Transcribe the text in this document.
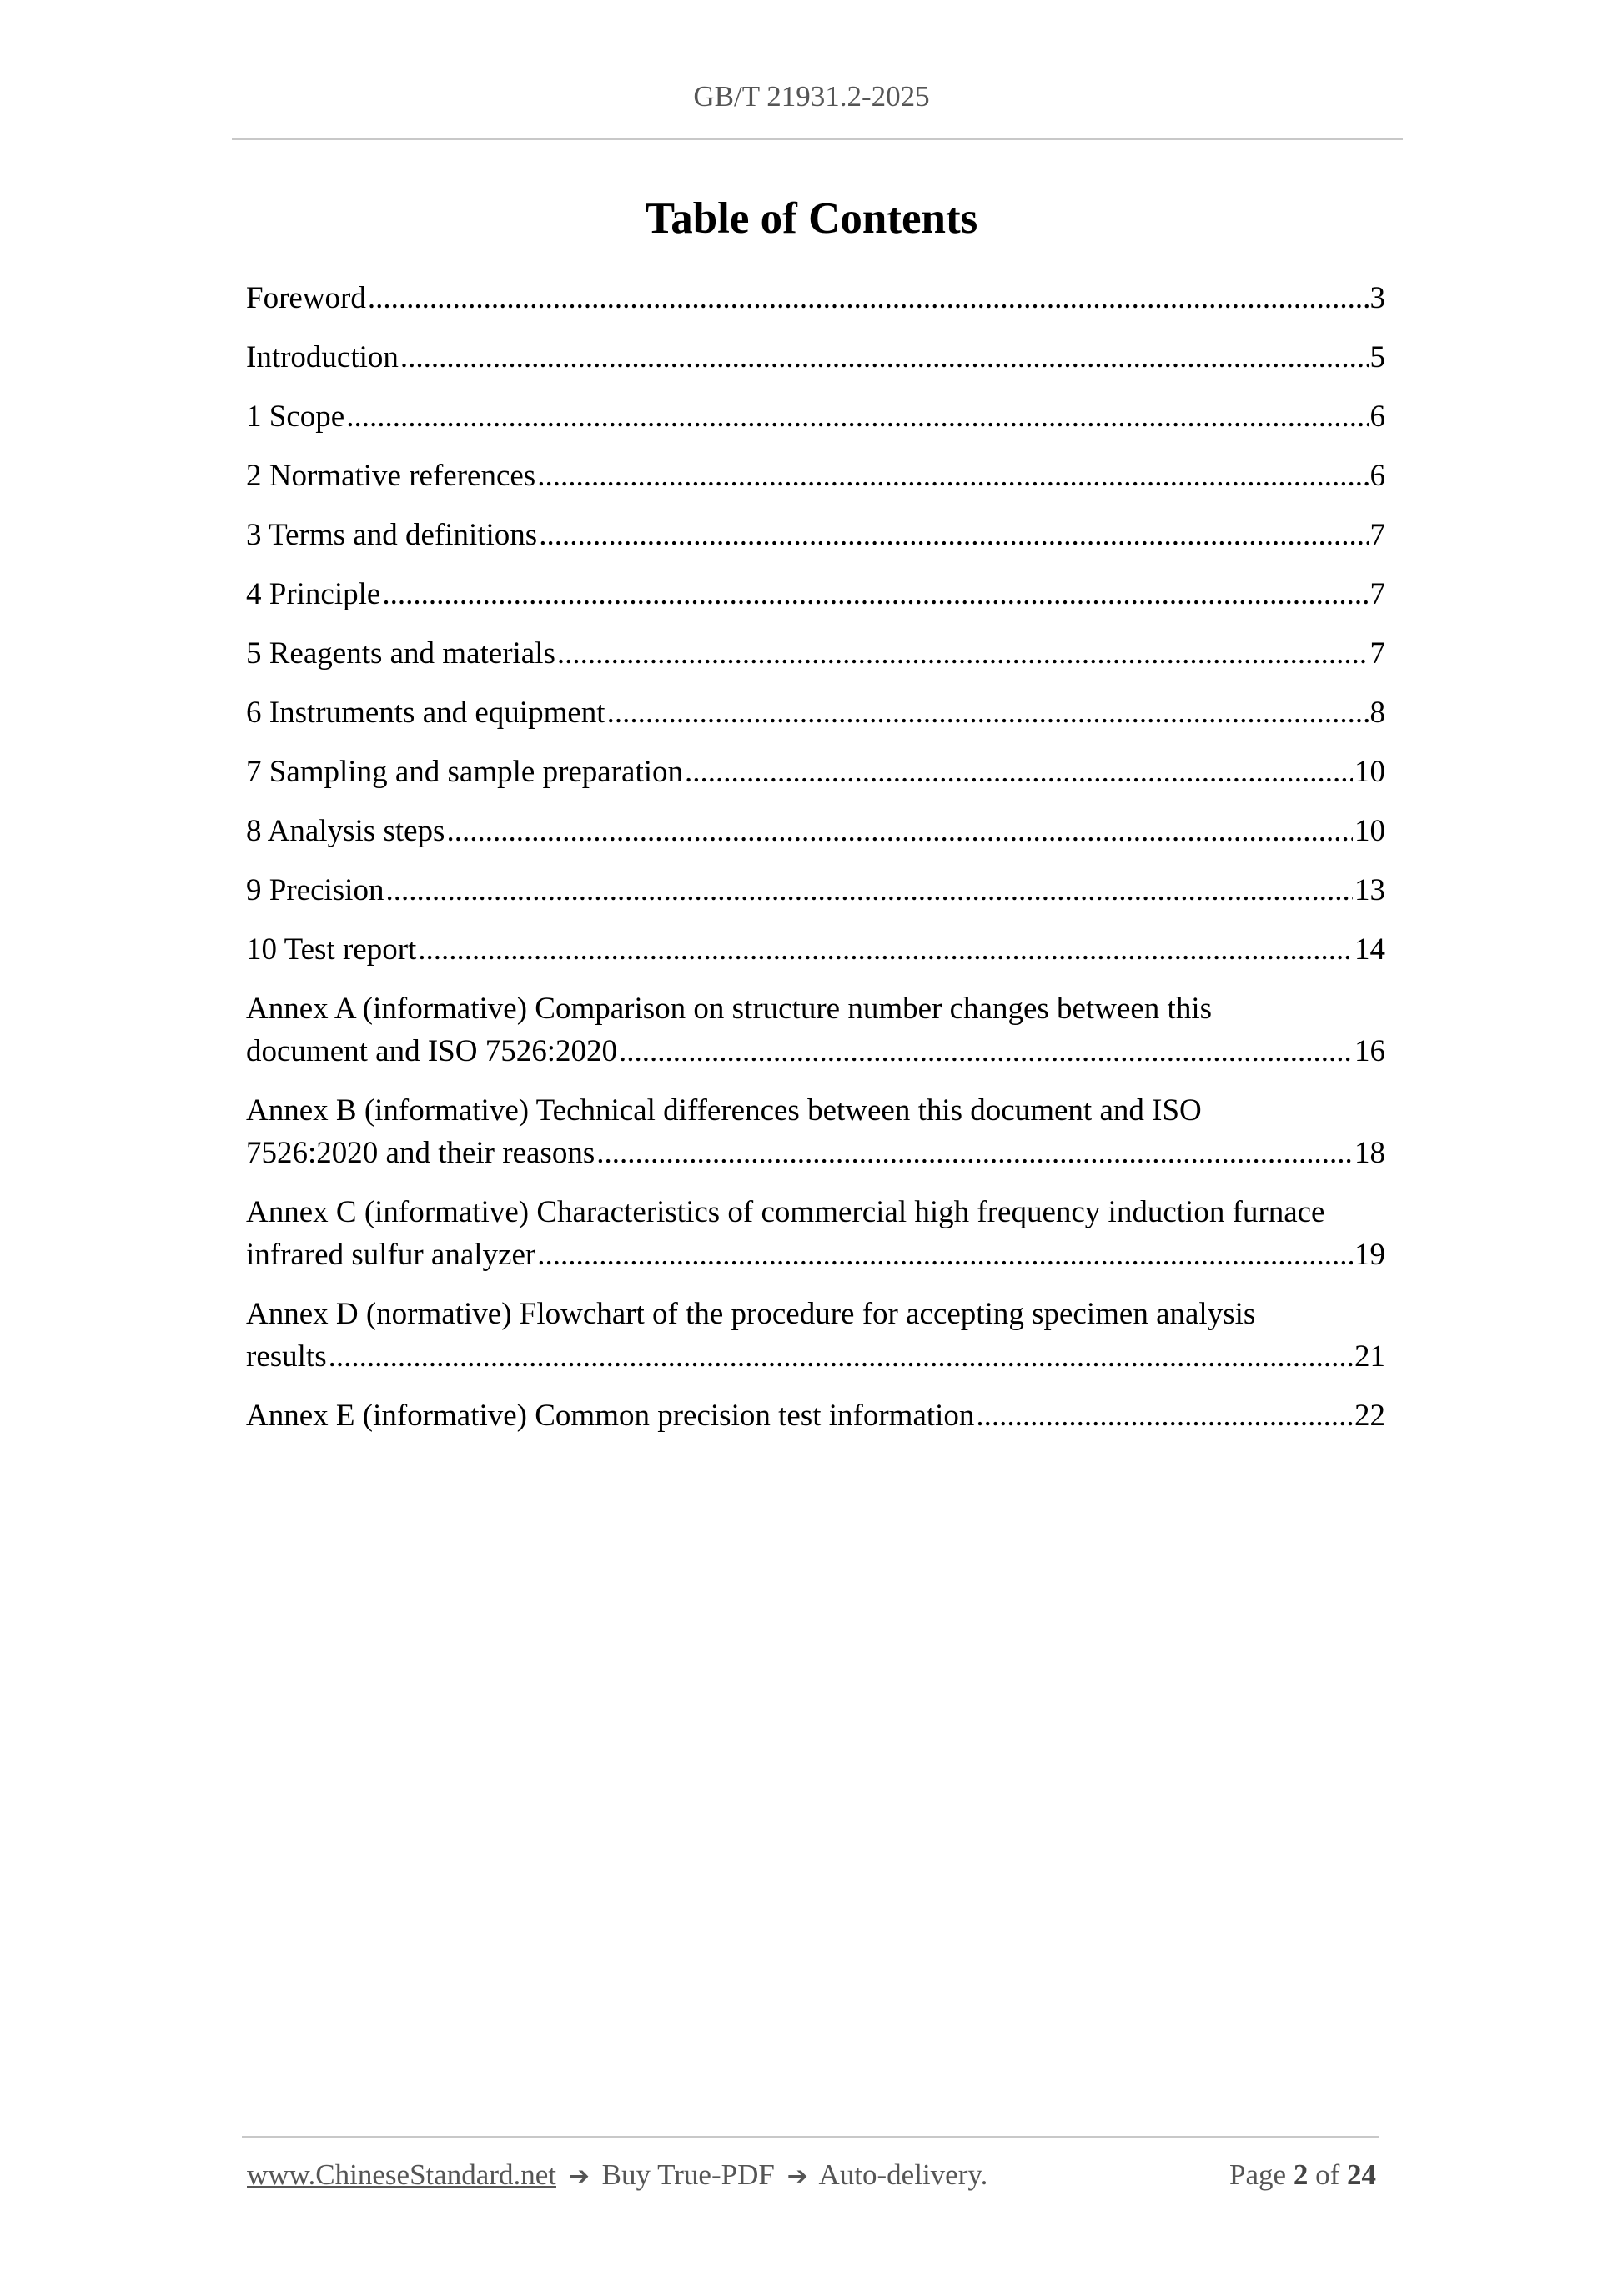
GB/T 21931.2-2025
Table of Contents
Foreword .....	3
Introduction .....	5
1 Scope .....	6
2 Normative references .....	6
3 Terms and definitions .....	7
4 Principle .....	7
5 Reagents and materials .....	7
6 Instruments and equipment .....	8
7 Sampling and sample preparation .....	10
8 Analysis steps .....	10
9 Precision .....	13
10 Test report .....	14
Annex A (informative) Comparison on structure number changes between this
document and ISO 7526:2020 .....	16
Annex B (informative) Technical differences between this document and ISO
7526:2020 and their reasons .....	18
Annex C (informative) Characteristics of commercial high frequency induction furnace
infrared sulfur analyzer .....	19
Annex D (normative) Flowchart of the procedure for accepting specimen analysis
results .....	21
Annex E (informative) Common precision test information .....	22
www.ChineseStandard.net ➔ Buy True-PDF ➔ Auto-delivery.	Page 2 of 24
